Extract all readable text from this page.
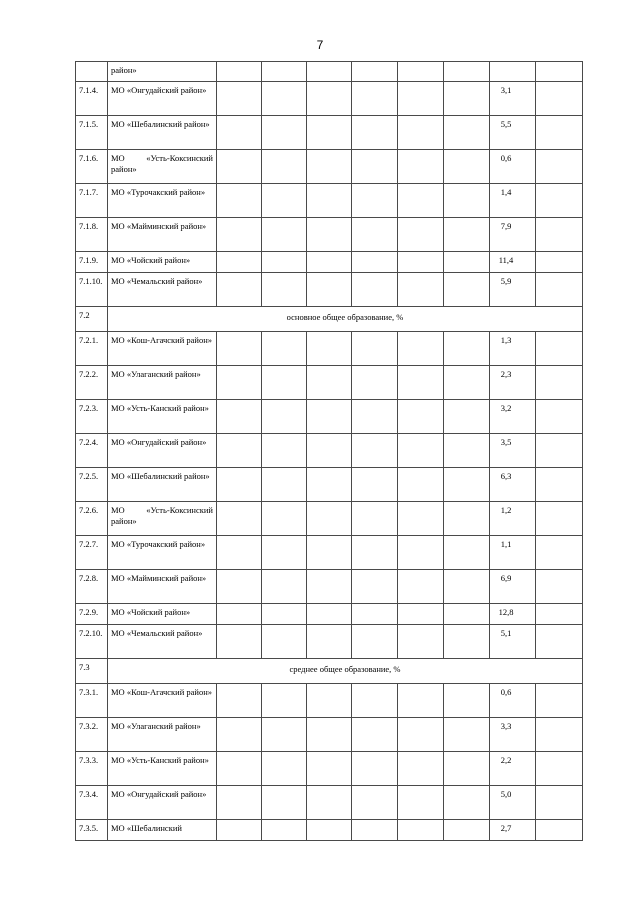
7

	район»								

7.1.4.	МО «Онгудайский район»							3,1	
7.1.5.	МО «Шебалинский район»							5,5	
7.1.6.	МО «Усть-Коксинский район»							0,6	
7.1.7.	МО «Турочакский район»							1,4	
7.1.8.	МО «Майминский район»							7,9	
7.1.9.	МО «Чойский район»							11,4	
7.1.10.	МО «Чемальский район»							5,9	
7.2	основное общее образование, %								
7.2.1.	МО «Кош-Агачский район»							1,3	
7.2.2.	МО «Улаганский район»							2,3	
7.2.3.	МО «Усть-Канский район»							3,2	
7.2.4.	МО «Онгудайский район»							3,5	
7.2.5.	МО «Шебалинский район»							6,3	
7.2.6.	МО «Усть-Коксинский район»							1,2	
7.2.7.	МО «Турочакский район»							1,1	
7.2.8.	МО «Майминский район»							6,9	
7.2.9.	МО «Чойский район»							12,8	
7.2.10.	МО «Чемальский район»							5,1	
7.3	среднее общее образование, %								
7.3.1.	МО «Кош-Агачский район»							0,6	
7.3.2.	МО «Улаганский район»							3,3	
7.3.3.	МО «Усть-Канский район»							2,2	
7.3.4.	МО «Онгудайский район»							5,0	
7.3.5.	МО «Шебалинский							2,7	
